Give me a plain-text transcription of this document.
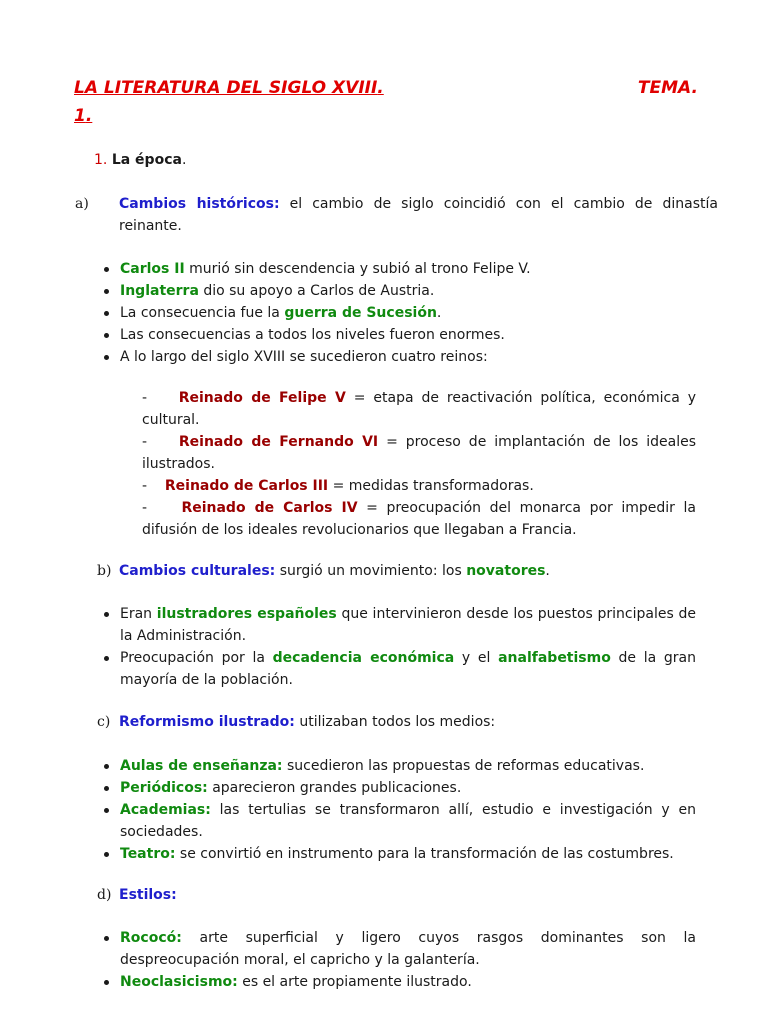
LA LITERATURA DEL SIGLO XVIII.	TEMA.
1.
1. La época.
a) Cambios históricos: el cambio de siglo coincidió con el cambio de dinastía reinante.
Carlos II murió sin descendencia y subió al trono Felipe V.
Inglaterra dio su apoyo a Carlos de Austria.
La consecuencia fue la guerra de Sucesión.
Las consecuencias a todos los niveles fueron enormes.
A lo largo del siglo XVIII se sucedieron cuatro reinos:
- Reinado de Felipe V = etapa de reactivación política, económica y cultural.
- Reinado de Fernando VI = proceso de implantación de los ideales ilustrados.
- Reinado de Carlos III = medidas transformadoras.
- Reinado de Carlos IV = preocupación del monarca por impedir la difusión de los ideales revolucionarios que llegaban a Francia.
b) Cambios culturales: surgió un movimiento: los novatores.
Eran ilustradores españoles que intervinieron desde los puestos principales de la Administración.
Preocupación por la decadencia económica y el analfabetismo de la gran mayoría de la población.
c) Reformismo ilustrado: utilizaban todos los medios:
Aulas de enseñanza: sucedieron las propuestas de reformas educativas.
Periódicos: aparecieron grandes publicaciones.
Academias: las tertulias se transformaron allí, estudio e investigación y en sociedades.
Teatro: se convirtió en instrumento para la transformación de las costumbres.
d) Estilos:
Rococó: arte superficial y ligero cuyos rasgos dominantes son la despreocupación moral, el capricho y la galantería.
Neoclasicismo: es el arte propiamente ilustrado.
